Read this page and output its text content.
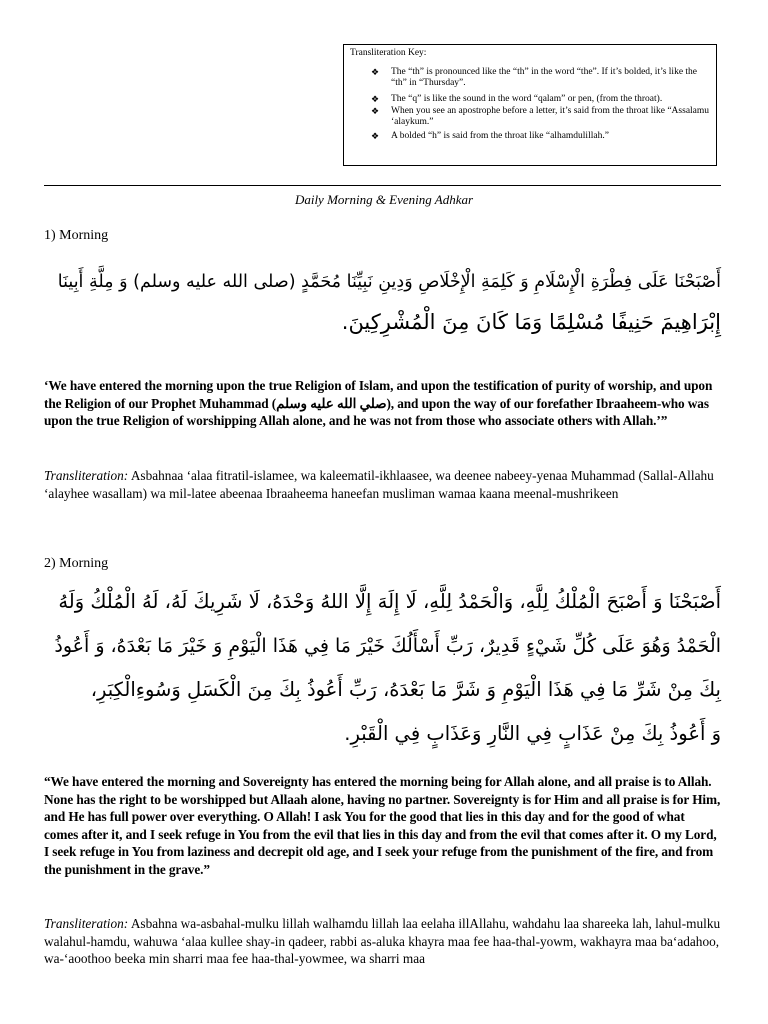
Transliteration Key:
❖ The “th” is pronounced like the “th” in the word “the”. If it’s bolded, it’s like the “th” in “Thursday”.
❖ The “q” is like the sound in the word “qalam” or pen, (from the throat).
❖ When you see an apostrophe before a letter, it’s said from the throat like “Assalamu ‘alaykum.”
❖ A bolded “h” is said from the throat like “alhamdulillah.”
Daily Morning & Evening Adhkar
1) Morning
أَصْبَحْنَا عَلَى فِطْرَةِ الْإِسْلَامِ وَ كَلِمَةِ الْإِخْلَاصِ وَدِينِ نَبِيِّنَا مُحَمَّدٍ (صلى الله عليه وسلم) وَ مِلَّةِ أَبِينَا
إِبْرَاهِيمَ حَنِيفًا مُسْلِمًا وَمَا كَانَ مِنَ الْمُشْرِكِينَ.
‘We have entered the morning upon the true Religion of Islam, and upon the testification of purity of worship, and upon the Religion of our Prophet Muhammad (صلي الله عليه وسلم), and upon the way of our forefather Ibraaheem-who was upon the true Religion of worshipping Allah alone, and he was not from those who associate others with Allah.’”
Transliteration: Asbahnaa ‘alaa fitratil-islamee, wa kaleematil-ikhlaasee, wa deenee nabeey-yenaa Muhammad (Sallal-Allahu ‘alayhee wasallam) wa mil-latee abeenaa Ibraaheema haneefan musliman wamaa kaana meenal-mushrikeen
2) Morning
أَصْبَحْنَا وَ أَصْبَحَ الْمُلْكُ لِلَّهِ، وَالْحَمْدُ لِلَّهِ، لَا إِلَهَ إِلَّا اللهُ وَحْدَهُ، لَا شَرِيكَ لَهُ، لَهُ الْمُلْكُ وَلَهُ
الْحَمْدُ وَهُوَ عَلَى كُلِّ شَيْءٍ قَدِيرٌ، رَبِّ أَسْأَلُكَ خَيْرَ مَا فِي هَذَا الْيَوْمِ وَ خَيْرَ مَا بَعْدَهُ، وَ أَعُوذُ
بِكَ مِنْ شَرِّ مَا فِي هَذَا الْيَوْمِ وَ شَرَّ مَا بَعْدَهُ، رَبِّ أَعُوذُ بِكَ مِنَ الْكَسَلِ وَسُوءِالْكِبَرِ،
وَ أَعُوذُ بِكَ مِنْ عَذَابٍ فِي النَّارِ وَعَذَابٍ فِي الْقَبْرِ.
“We have entered the morning and Sovereignty has entered the morning being for Allah alone, and all praise is to Allah. None has the right to be worshipped but Allaah alone, having no partner. Sovereignty is for Him and all praise is for Him, and He has full power over everything. O Allah! I ask You for the good that lies in this day and for the good of what comes after it, and I seek refuge in You from the evil that lies in this day and from the evil that comes after it. O my Lord, I seek refuge in You from laziness and decrepit old age, and I seek your refuge from the punishment of the fire, and from the punishment in the grave.”
Transliteration: Asbahna wa-asbahal-mulku lillah walhamdu lillah laa eelaha illAllahu, wahdahu laa shareeka lah, lahul-mulku walahul-hamdu, wahuwa ‘alaa kullee shay-in qadeer, rabbi as-aluka khayra maa fee haa-thal-yowm, wakhayra maa ba‘adahoo, wa-‘aoothoo beeka min sharri maa fee haa-thal-yowmee, wa sharri maa
